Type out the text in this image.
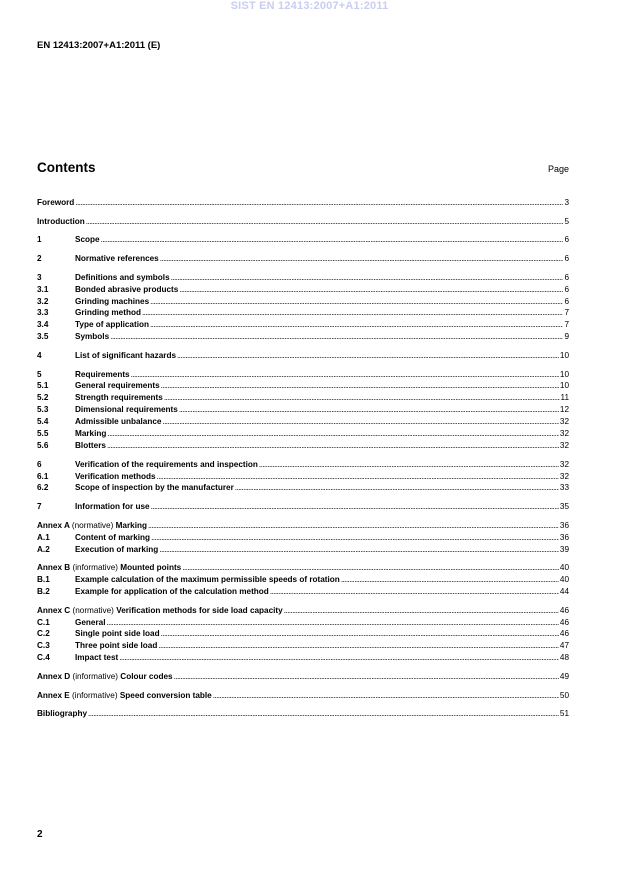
SIST EN 12413:2007+A1:2011
EN 12413:2007+A1:2011 (E)
Contents	Page
Foreword .....	3
Introduction .....	5
1	Scope .....	6
2	Normative references .....	6
3	Definitions and symbols .....	6
3.1	Bonded abrasive products .....	6
3.2	Grinding machines .....	6
3.3	Grinding method .....	7
3.4	Type of application .....	7
3.5	Symbols .....	9
4	List of significant hazards .....	10
5	Requirements .....	10
5.1	General requirements .....	10
5.2	Strength requirements .....	11
5.3	Dimensional requirements .....	12
5.4	Admissible unbalance .....	32
5.5	Marking .....	32
5.6	Blotters .....	32
6	Verification of the requirements and inspection .....	32
6.1	Verification methods .....	32
6.2	Scope of inspection by the manufacturer .....	33
7	Information for use .....	35
Annex A (normative) Marking .....	36
A.1	Content of marking .....	36
A.2	Execution of marking .....	39
Annex B (informative) Mounted points .....	40
B.1	Example calculation of the maximum permissible speeds of rotation .....	40
B.2	Example for application of the calculation method .....	44
Annex C (normative) Verification methods for side load capacity .....	46
C.1	General .....	46
C.2	Single point side load .....	46
C.3	Three point side load .....	47
C.4	Impact test .....	48
Annex D (informative) Colour codes .....	49
Annex E (informative) Speed conversion table .....	50
Bibliography .....	51
2
